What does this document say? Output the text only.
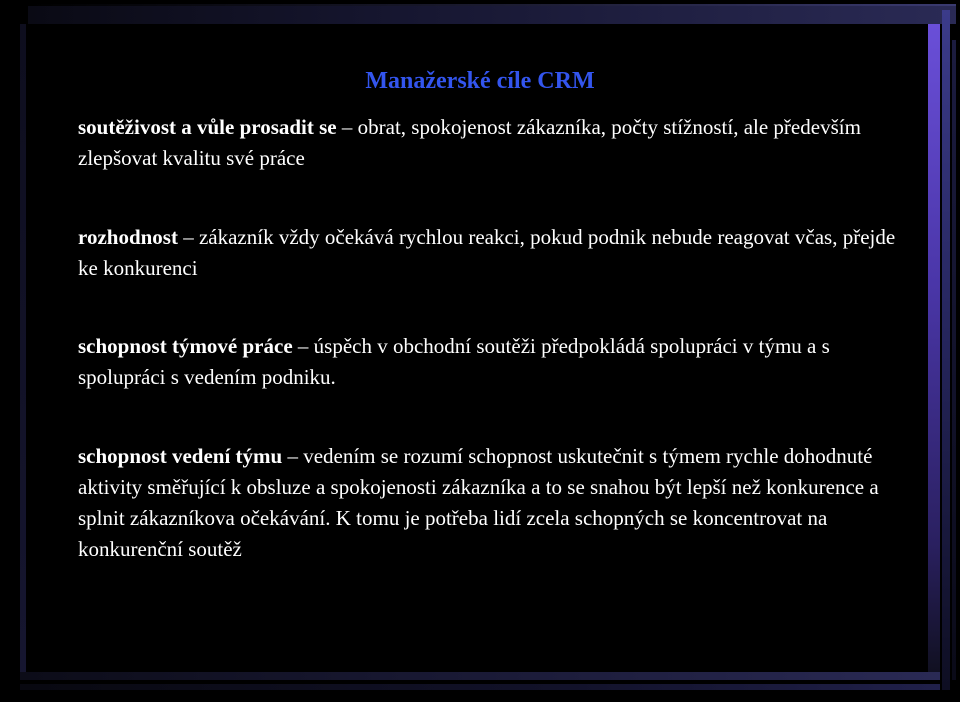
Manažerské cíle CRM
soutěživost a vůle prosadit se – obrat, spokojenost zákazníka, počty stížností, ale především zlepšovat kvalitu své práce
rozhodnost – zákazník vždy očekává rychlou reakci, pokud podnik nebude reagovat včas, přejde ke konkurenci
schopnost týmové práce – úspěch v obchodní soutěži předpokládá spolupráci v týmu a s spolupráci s vedením podniku.
schopnost vedení týmu – vedením se rozumí schopnost uskutečnit s týmem rychle dohodnuté aktivity směřující k obsluze a spokojenosti zákazníka a to se snahou být lepší než konkurence a splnit zákazníkova očekávání. K tomu je potřeba lidí zcela schopných se koncentrovat na konkurenční soutěž
